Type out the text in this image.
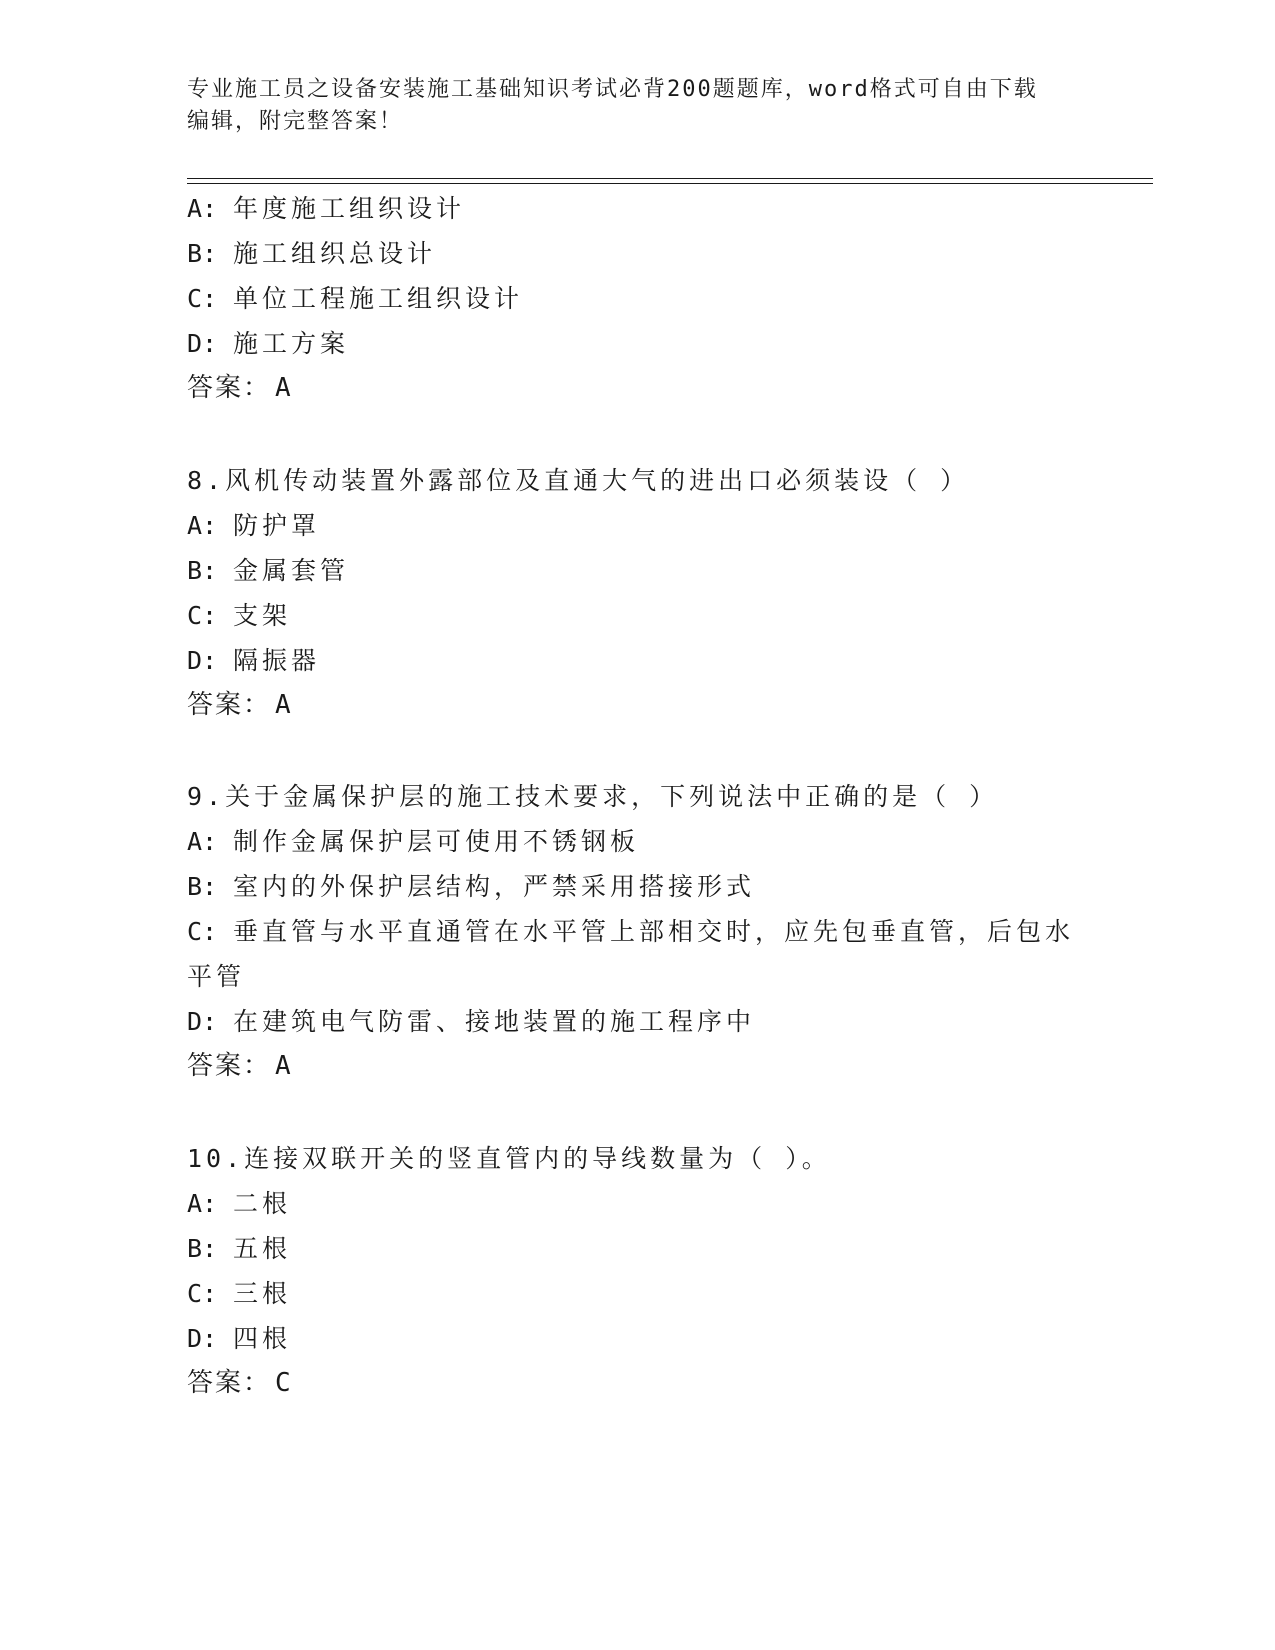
专业施工员之设备安装施工基础知识考试必背200题题库，word格式可自由下载
编辑，附完整答案！
A: 年度施工组织设计
B: 施工组织总设计
C: 单位工程施工组织设计
D: 施工方案
答案： A
8.风机传动装置外露部位及直通大气的进出口必须装设（ ）
A: 防护罩
B: 金属套管
C: 支架
D: 隔振器
答案： A
9.关于金属保护层的施工技术要求，下列说法中正确的是（ ）
A: 制作金属保护层可使用不锈钢板
B: 室内的外保护层结构，严禁采用搭接形式
C: 垂直管与水平直通管在水平管上部相交时，应先包垂直管，后包水平管
D: 在建筑电气防雷、接地装置的施工程序中
答案： A
10.连接双联开关的竖直管内的导线数量为（ ）。
A: 二根
B: 五根
C: 三根
D: 四根
答案： C
